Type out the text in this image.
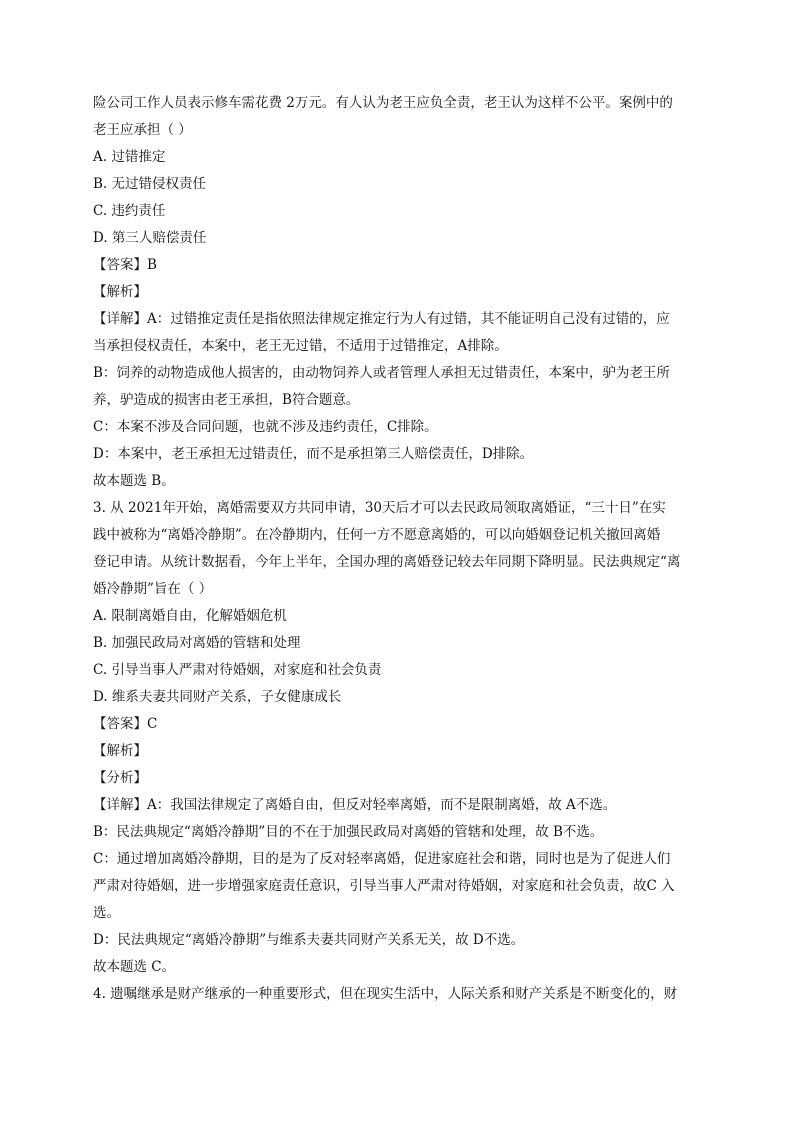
险公司工作人员表示修车需花费 2万元。有人认为老王应负全责，老王认为这样不公平。案例中的
老王应承担（ ）
A. 过错推定
B. 无过错侵权责任
C. 违约责任
D. 第三人赔偿责任
【答案】B
【解析】
【详解】A：过错推定责任是指依照法律规定推定行为人有过错，其不能证明自己没有过错的，应
当承担侵权责任，本案中，老王无过错，不适用于过错推定，A排除。
B：饲养的动物造成他人损害的，由动物饲养人或者管理人承担无过错责任，本案中，驴为老王所
养，驴造成的损害由老王承担，B符合题意。
C：本案不涉及合同问题，也就不涉及违约责任，C排除。
D：本案中，老王承担无过错责任，而不是承担第三人赔偿责任，D排除。
故本题选 B。
3. 从 2021年开始，离婚需要双方共同申请，30天后才可以去民政局领取离婚证，“三十日”在实
践中被称为“离婚冷静期”。在冷静期内，任何一方不愿意离婚的，可以向婚姻登记机关撤回离婚
登记申请。从统计数据看，今年上半年，全国办理的离婚登记较去年同期下降明显。民法典规定“离
婚冷静期”旨在（ ）
A. 限制离婚自由，化解婚姻危机
B. 加强民政局对离婚的管辖和处理
C. 引导当事人严肃对待婚姻，对家庭和社会负责
D. 维系夫妻共同财产关系，子女健康成长
【答案】C
【解析】
【分析】
【详解】A：我国法律规定了离婚自由，但反对轻率离婚，而不是限制离婚，故 A不选。
B：民法典规定“离婚冷静期”目的不在于加强民政局对离婚的管辖和处理，故 B不选。
C：通过增加离婚冷静期，目的是为了反对轻率离婚，促进家庭社会和谐，同时也是为了促进人们
严肃对待婚姻，进一步增强家庭责任意识，引导当事人严肃对待婚姻，对家庭和社会负责，故C 入
选。
D：民法典规定“离婚冷静期”与维系夫妻共同财产关系无关，故 D不选。
故本题选 C。
4. 遗嘱继承是财产继承的一种重要形式，但在现实生活中，人际关系和财产关系是不断变化的，财
